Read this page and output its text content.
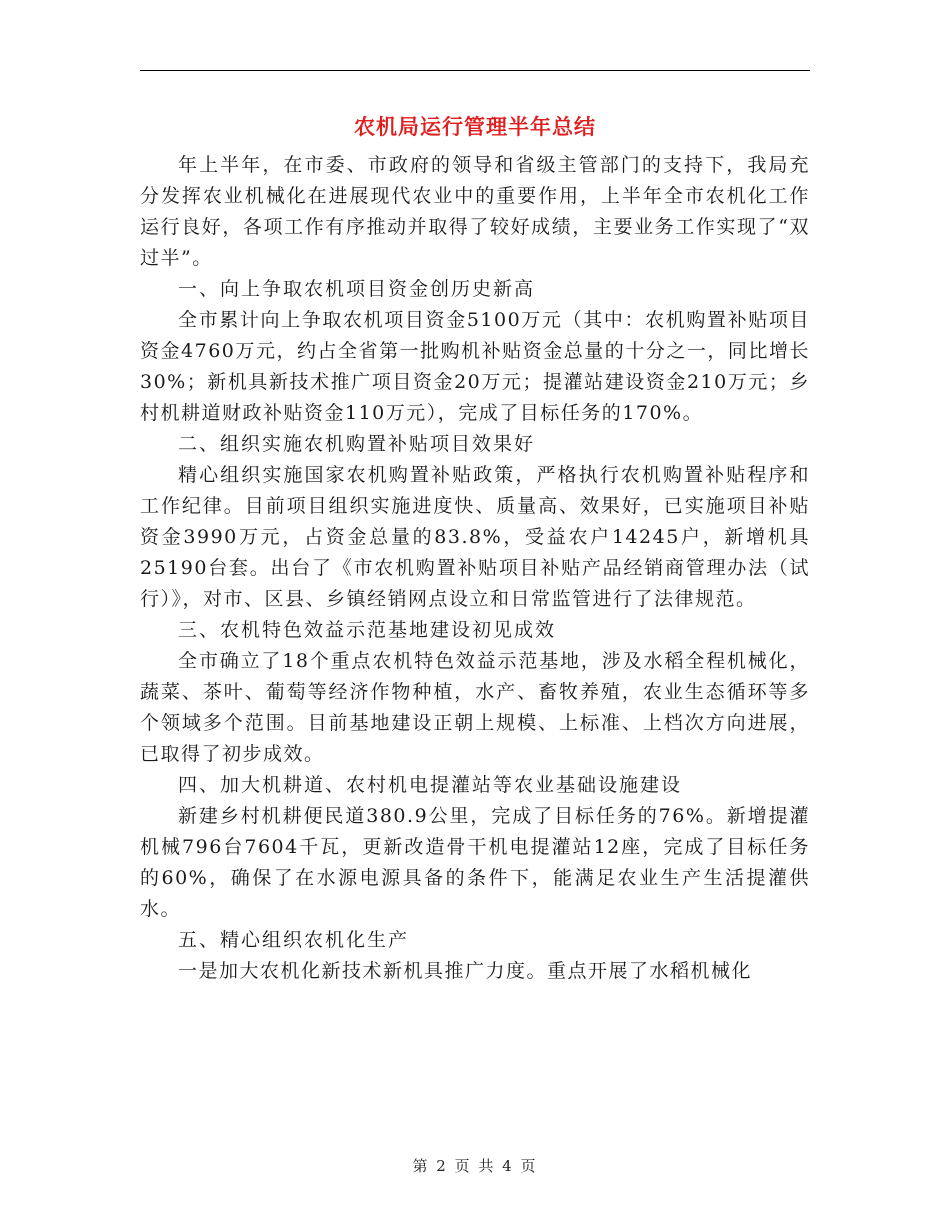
农机局运行管理半年总结

年上半年，在市委、市政府的领导和省级主管部门的支持下，我局充分发挥农业机械化在进展现代农业中的重要作用，上半年全市农机化工作运行良好，各项工作有序推动并取得了较好成绩，主要业务工作实现了“双过半”。

一、向上争取农机项目资金创历史新高

全市累计向上争取农机项目资金5100万元（其中：农机购置补贴项目资金4760万元，约占全省第一批购机补贴资金总量的十分之一，同比增长30%；新机具新技术推广项目资金20万元；提灌站建设资金210万元；乡村机耕道财政补贴资金110万元），完成了目标任务的170%。

二、组织实施农机购置补贴项目效果好

精心组织实施国家农机购置补贴政策，严格执行农机购置补贴程序和工作纪律。目前项目组织实施进度快、质量高、效果好，已实施项目补贴资金3990万元，占资金总量的83.8%，受益农户14245户，新增机具25190台套。出台了《市农机购置补贴项目补贴产品经销商管理办法（试行）》，对市、区县、乡镇经销网点设立和日常监管进行了法律规范。

三、农机特色效益示范基地建设初见成效

全市确立了18个重点农机特色效益示范基地，涉及水稻全程机械化，蔬菜、茶叶、葡萄等经济作物种植，水产、畜牧养殖，农业生态循环等多个领域多个范围。目前基地建设正朝上规模、上标准、上档次方向进展，已取得了初步成效。

四、加大机耕道、农村机电提灌站等农业基础设施建设

新建乡村机耕便民道380.9公里，完成了目标任务的76%。新增提灌机械796台7604千瓦，更新改造骨干机电提灌站12座，完成了目标任务的60%，确保了在水源电源具备的条件下，能满足农业生产生活提灌供水。

五、精心组织农机化生产

一是加大农机化新技术新机具推广力度。重点开展了水稻机械化

第 2 页 共 4 页
